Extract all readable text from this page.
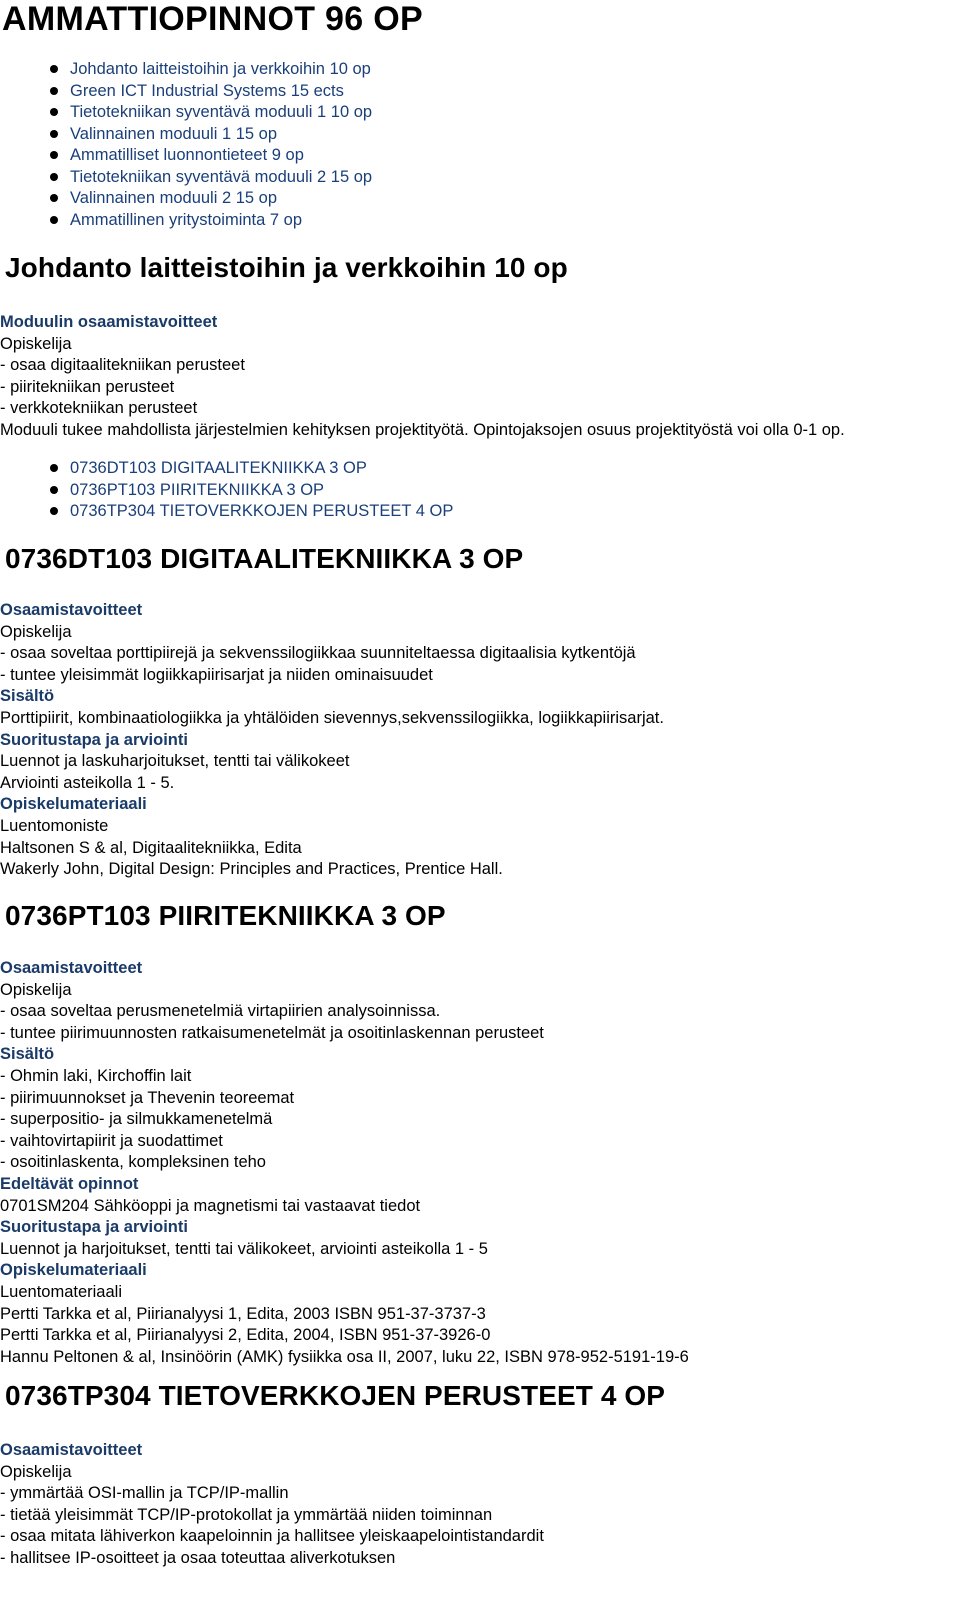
AMMATTIOPINNOT 96 OP
Johdanto laitteistoihin ja verkkoihin 10 op
Green ICT Industrial Systems 15 ects
Tietotekniikan syventävä moduuli 1 10 op
Valinnainen moduuli 1 15 op
Ammatilliset luonnontieteet 9 op
Tietotekniikan syventävä moduuli 2 15 op
Valinnainen moduuli 2 15 op
Ammatillinen yritystoiminta 7 op
Johdanto laitteistoihin ja verkkoihin 10 op
Moduulin osaamistavoitteet
Opiskelija
- osaa digitaalitekniikan perusteet
- piiritekniikan perusteet
- verkkotekniikan perusteet
Moduuli tukee mahdollista järjestelmien kehityksen projektityötä. Opintojaksojen osuus projektityöstä voi olla 0-1 op.
0736DT103 DIGITAALITEKNIIKKA 3 OP
0736PT103 PIIRITEKNIIKKA 3 OP
0736TP304 TIETOVERKKOJEN PERUSTEET 4 OP
0736DT103 DIGITAALITEKNIIKKA 3 OP
Osaamistavoitteet
Opiskelija
- osaa soveltaa porttipiirejä ja sekvenssilogiikkaa suunniteltaessa digitaalisia kytkentöjä
- tuntee yleisimmät logiikkapiirisarjat ja niiden ominaisuudet
Sisältö
Porttipiirit, kombinaatiologiikka ja yhtälöiden sievennys,sekvenssilogiikka, logiikkapiirisarjat.
Suoritustapa ja arviointi
Luennot ja laskuharjoitukset, tentti tai välikokeet
Arviointi asteikolla 1 - 5.
Opiskelumateriaali
Luentomoniste
Haltsonen S & al, Digitaalitekniikka, Edita
Wakerly John, Digital Design: Principles and Practices, Prentice Hall.
0736PT103 PIIRITEKNIIKKA 3 OP
Osaamistavoitteet
Opiskelija
- osaa soveltaa perusmenetelmiä virtapiirien analysoinnissa.
- tuntee piirimuunnosten ratkaisumenetelmät ja osoitinlaskennan perusteet
Sisältö
- Ohmin laki, Kirchoffin lait
- piirimuunnokset ja Thevenin teoreemat
- superpositio- ja silmukkamenetelmä
- vaihtovirtapiirit ja suodattimet
- osoitinlaskenta, kompleksinen teho
Edeltävät opinnot
0701SM204 Sähköoppi ja magnetismi tai vastaavat tiedot
Suoritustapa ja arviointi
Luennot ja harjoitukset, tentti tai välikokeet, arviointi asteikolla 1 - 5
Opiskelumateriaali
Luentomateriaali
Pertti Tarkka et al, Piirianalyysi 1, Edita, 2003 ISBN 951-37-3737-3
Pertti Tarkka et al, Piirianalyysi 2, Edita, 2004, ISBN 951-37-3926-0
Hannu Peltonen & al, Insinöörin (AMK) fysiikka osa II, 2007, luku 22, ISBN 978-952-5191-19-6
0736TP304 TIETOVERKKOJEN PERUSTEET 4 OP
Osaamistavoitteet
Opiskelija
- ymmärtää OSI-mallin ja TCP/IP-mallin
- tietää yleisimmät TCP/IP-protokollat ja ymmärtää niiden toiminnan
- osaa mitata lähiverkon kaapeloinnin ja hallitsee yleiskaapelointistandardit
- hallitsee IP-osoitteet ja osaa toteuttaa aliverkotuksen
